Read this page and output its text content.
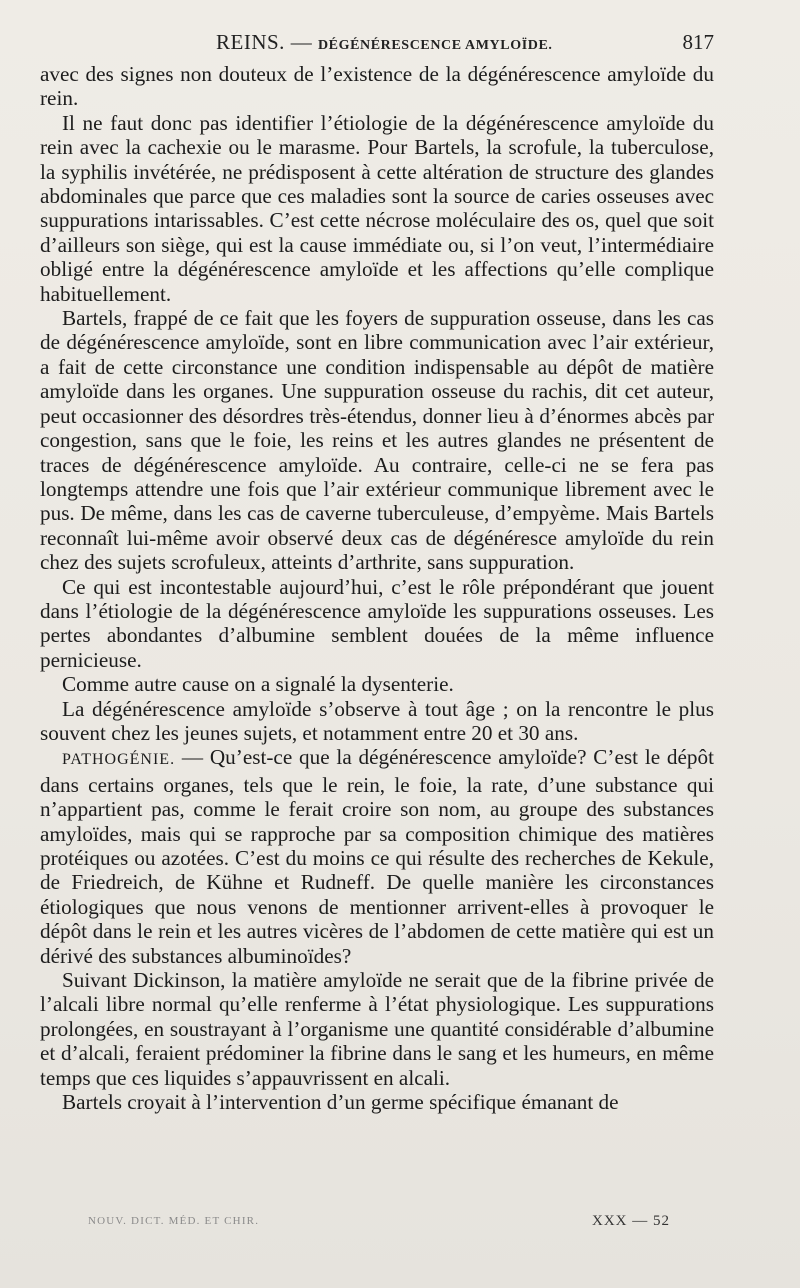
REINS. — DÉGÉNÉRESCENCE AMYLOÏDE.	817

avec des signes non douteux de l’existence de la dégénérescence amyloïde du rein.

Il ne faut donc pas identifier l’étiologie de la dégénérescence amyloïde du rein avec la cachexie ou le marasme. Pour Bartels, la scrofule, la tuberculose, la syphilis invétérée, ne prédisposent à cette altération de structure des glandes abdominales que parce que ces maladies sont la source de caries osseuses avec suppurations intarissables. C’est cette nécrose moléculaire des os, quel que soit d’ailleurs son siège, qui est la cause immédiate ou, si l’on veut, l’intermédiaire obligé entre la dégénérescence amyloïde et les affections qu’elle complique habituellement.

Bartels, frappé de ce fait que les foyers de suppuration osseuse, dans les cas de dégénérescence amyloïde, sont en libre communication avec l’air extérieur, a fait de cette circonstance une condition indispensable au dépôt de matière amyloïde dans les organes. Une suppuration osseuse du rachis, dit cet auteur, peut occasionner des désordres très-étendus, donner lieu à d’énormes abcès par congestion, sans que le foie, les reins et les autres glandes ne présentent de traces de dégénérescence amyloïde. Au contraire, celle-ci ne se fera pas longtemps attendre une fois que l’air extérieur communique librement avec le pus. De même, dans les cas de caverne tuberculeuse, d’empyème. Mais Bartels reconnaît lui-même avoir observé deux cas de dégénéresce amyloïde du rein chez des sujets scrofuleux, atteints d’arthrite, sans suppuration.

Ce qui est incontestable aujourd’hui, c’est le rôle prépondérant que jouent dans l’étiologie de la dégénérescence amyloïde les suppurations osseuses. Les pertes abondantes d’albumine semblent douées de la même influence pernicieuse.

Comme autre cause on a signalé la dysenterie.

La dégénérescence amyloïde s’observe à tout âge ; on la rencontre le plus souvent chez les jeunes sujets, et notamment entre 20 et 30 ans.

PATHOGÉNIE. — Qu’est-ce que la dégénérescence amyloïde? C’est le dépôt dans certains organes, tels que le rein, le foie, la rate, d’une substance qui n’appartient pas, comme le ferait croire son nom, au groupe des substances amyloïdes, mais qui se rapproche par sa composition chimique des matières protéiques ou azotées. C’est du moins ce qui résulte des recherches de Kekule, de Friedreich, de Kühne et Rudneff. De quelle manière les circonstances étiologiques que nous venons de mentionner arrivent-elles à provoquer le dépôt dans le rein et les autres vicères de l’abdomen de cette matière qui est un dérivé des substances albuminoïdes?

Suivant Dickinson, la matière amyloïde ne serait que de la fibrine privée de l’alcali libre normal qu’elle renferme à l’état physiologique. Les suppurations prolongées, en soustrayant à l’organisme une quantité considérable d’albumine et d’alcali, feraient prédominer la fibrine dans le sang et les humeurs, en même temps que ces liquides s’appauvrissent en alcali.

Bartels croyait à l’intervention d’un germe spécifique émanant de

NOUV. DICT. MÉD. ET CHIR.	XXX — 52
